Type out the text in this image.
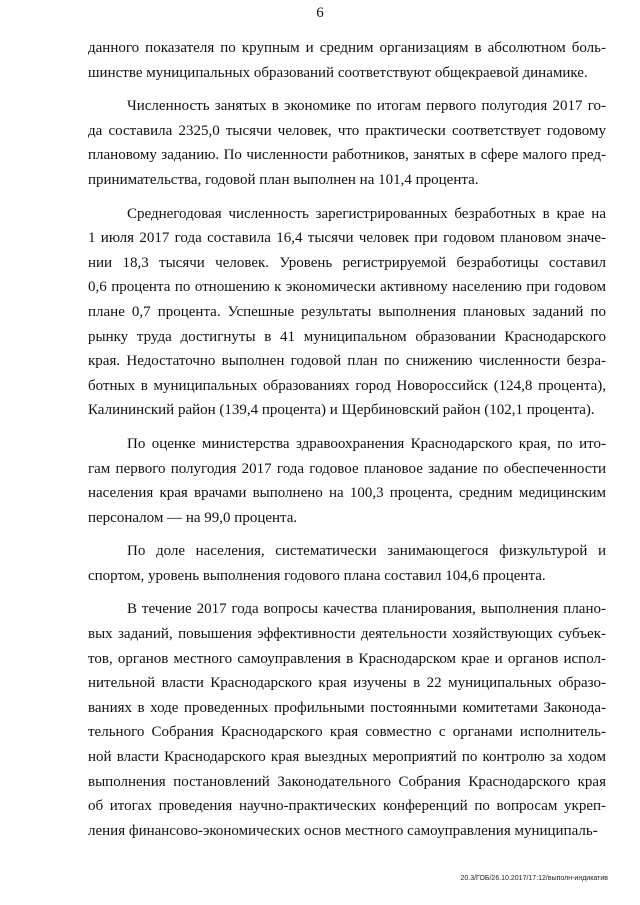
6
данного показателя по крупным и средним организациям в абсолютном боль-
шинстве муниципальных образований соответствуют общекраевой динамике.
Численность занятых в экономике по итогам первого полугодия 2017 го-
да составила 2325,0 тысячи человек, что практически соответствует годовому
плановому заданию. По численности работников, занятых в сфере малого пред-
принимательства, годовой план выполнен на 101,4 процента.
Среднегодовая численность зарегистрированных безработных в крае на
1 июля 2017 года составила 16,4 тысячи человек при годовом плановом значе-
нии 18,3 тысячи человек. Уровень регистрируемой безработицы составил
0,6 процента по отношению к экономически активному населению при годовом
плане 0,7 процента. Успешные результаты выполнения плановых заданий по
рынку труда достигнуты в 41 муниципальном образовании Краснодарского
края. Недостаточно выполнен годовой план по снижению численности безра-
ботных в муниципальных образованиях город Новороссийск (124,8 процента),
Калининский район (139,4 процента) и Щербиновский район (102,1 процента).
По оценке министерства здравоохранения Краснодарского края, по ито-
гам первого полугодия 2017 года годовое плановое задание по обеспеченности
населения края врачами выполнено на 100,3 процента, средним медицинским
персоналом — на 99,0 процента.
По доле населения, систематически занимающегося физкультурой и
спортом, уровень выполнения годового плана составил 104,6 процента.
В течение 2017 года вопросы качества планирования, выполнения плано-
вых заданий, повышения эффективности деятельности хозяйствующих субъек-
тов, органов местного самоуправления в Краснодарском крае и органов испол-
нительной власти Краснодарского края изучены в 22 муниципальных образо-
ваниях в ходе проведенных профильными постоянными комитетами Законода-
тельного Собрания Краснодарского края совместно с органами исполнитель-
ной власти Краснодарского края выездных мероприятий по контролю за ходом
выполнения постановлений Законодательного Собрания Краснодарского края
об итогах проведения научно-практических конференций по вопросам укреп-
ления финансово-экономических основ местного самоуправления муниципаль-
20.3/ГОБ/26.10.2017/17:12/выполн-индикатив
